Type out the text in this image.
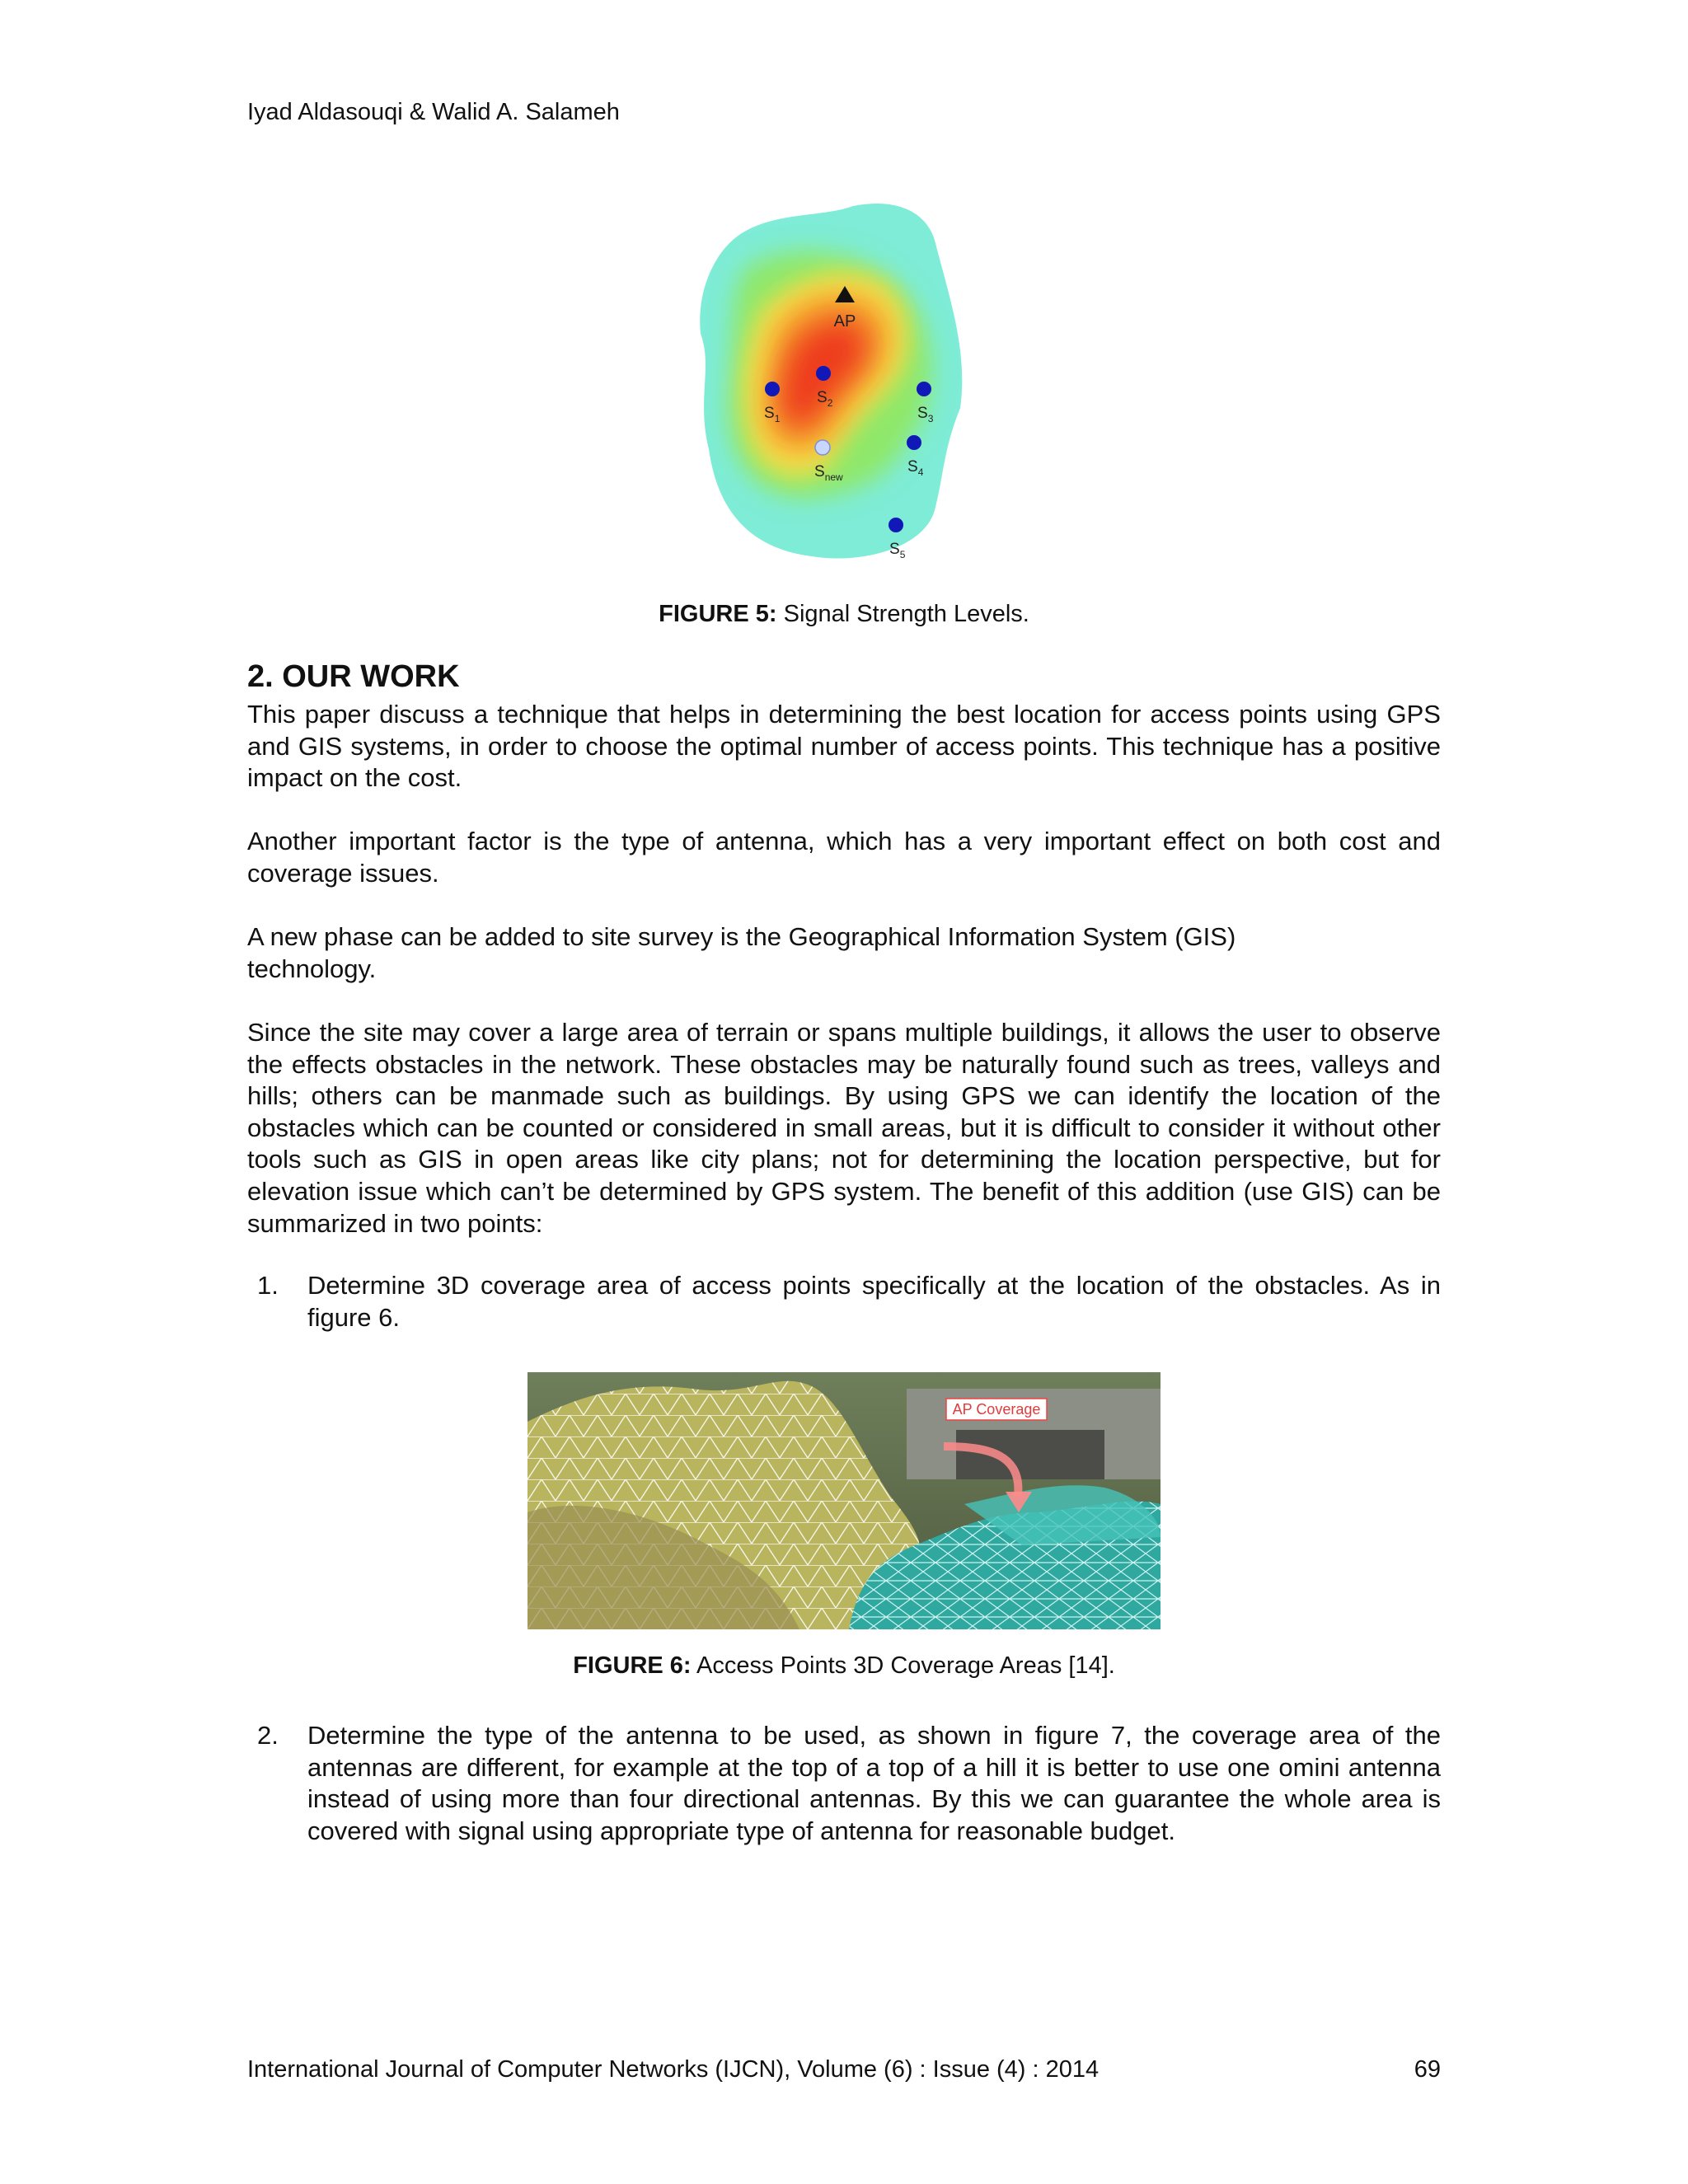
Iyad Aldasouqi & Walid A. Salameh
AP
$S_1$
$S_2$
$S_3$
$S_4$
$S_{new}$
$S_5$
FIGURE 5: Signal Strength Levels.
2. OUR WORK
This paper discuss a technique that helps in determining the best location for access points using GPS and GIS systems, in order to choose the optimal number of access points. This technique has a positive impact on the cost.
Another important factor is the type of antenna, which has a very important effect on both cost and coverage issues.
A new phase can be added to site survey is the Geographical Information System (GIS) technology.
Since the site may cover a large area of terrain or spans multiple buildings, it allows the user to observe the effects obstacles in the network. These obstacles may be naturally found such as trees, valleys and hills; others can be manmade such as buildings. By using GPS we can identify the location of the obstacles which can be counted or considered in small areas, but it is difficult to consider it without other tools such as GIS in open areas like city plans; not for determining the location perspective, but for elevation issue which can’t be determined by GPS system. The benefit of this addition (use GIS) can be summarized in two points:
1. Determine 3D coverage area of access points specifically at the location of the obstacles. As in figure 6.
AP Coverage
FIGURE 6: Access Points 3D Coverage Areas [14].
2. Determine the type of the antenna to be used, as shown in figure 7, the coverage area of the antennas are different, for example at the top of a top of a hill it is better to use one omini antenna instead of using more than four directional antennas. By this we can guarantee the whole area is covered with signal using appropriate type of antenna for reasonable budget.
International Journal of Computer Networks (IJCN), Volume (6) : Issue (4) : 2014	69
